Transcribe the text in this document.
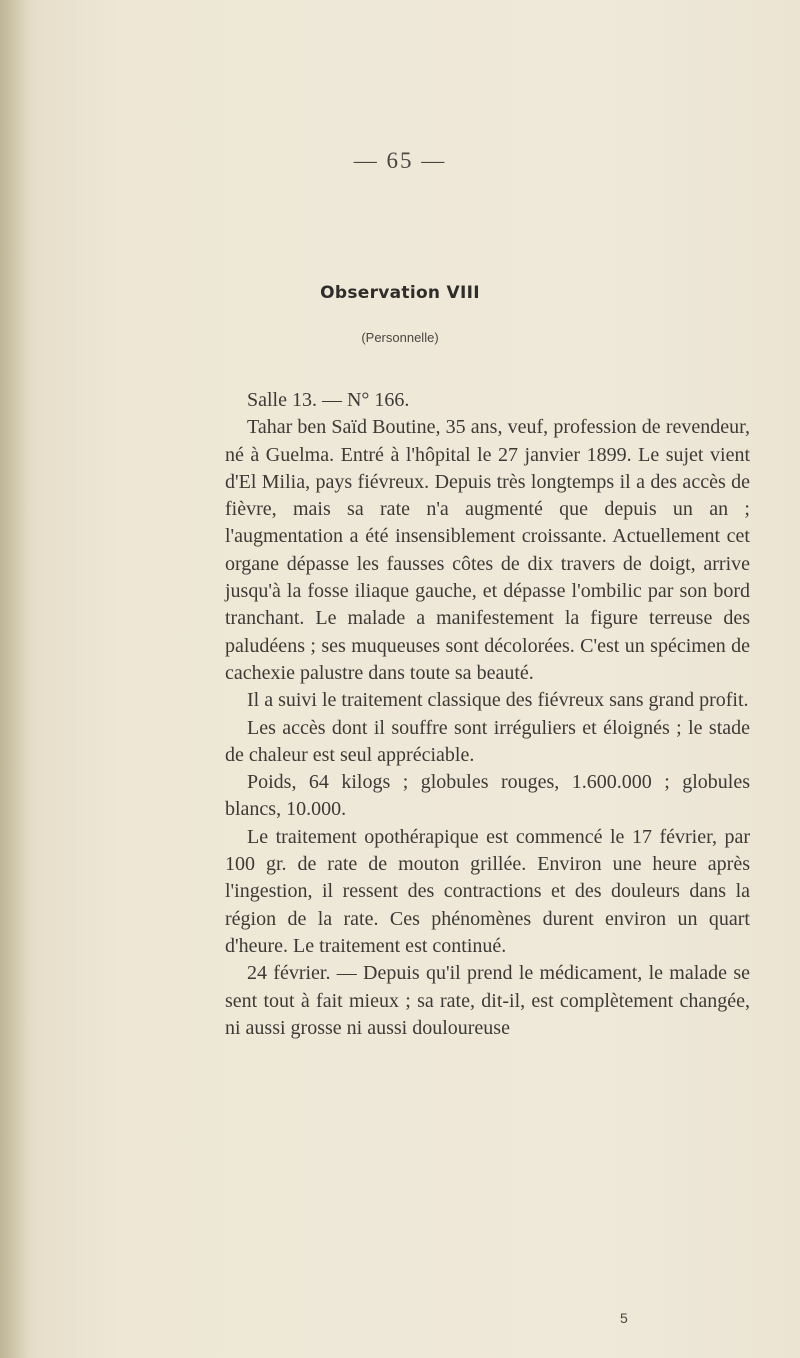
— 65 —
Observation VIII
(Personnelle)

Salle 13. — N° 166.

Tahar ben Saïd Boutine, 35 ans, veuf, profession de revendeur, né à Guelma. Entré à l'hôpital le 27 janvier 1899. Le sujet vient d'El Milia, pays fiévreux. Depuis très longtemps il a des accès de fièvre, mais sa rate n'a augmenté que depuis un an ; l'augmentation a été insensiblement croissante. Actuellement cet organe dépasse les fausses côtes de dix travers de doigt, arrive jusqu'à la fosse iliaque gauche, et dépasse l'ombilic par son bord tranchant. Le malade a manifestement la figure terreuse des paludéens ; ses muqueuses sont décolorées. C'est un spécimen de cachexie palustre dans toute sa beauté.

Il a suivi le traitement classique des fiévreux sans grand profit.

Les accès dont il souffre sont irréguliers et éloignés ; le stade de chaleur est seul appréciable.

Poids, 64 kilogs ; globules rouges, 1.600.000 ; globules blancs, 10.000.

Le traitement opothérapique est commencé le 17 février, par 100 gr. de rate de mouton grillée. Environ une heure après l'ingestion, il ressent des contractions et des douleurs dans la région de la rate. Ces phénomènes durent environ un quart d'heure. Le traitement est continué.

24 février. — Depuis qu'il prend le médicament, le malade se sent tout à fait mieux ; sa rate, dit-il, est complètement changée, ni aussi grosse ni aussi douloureuse

5
